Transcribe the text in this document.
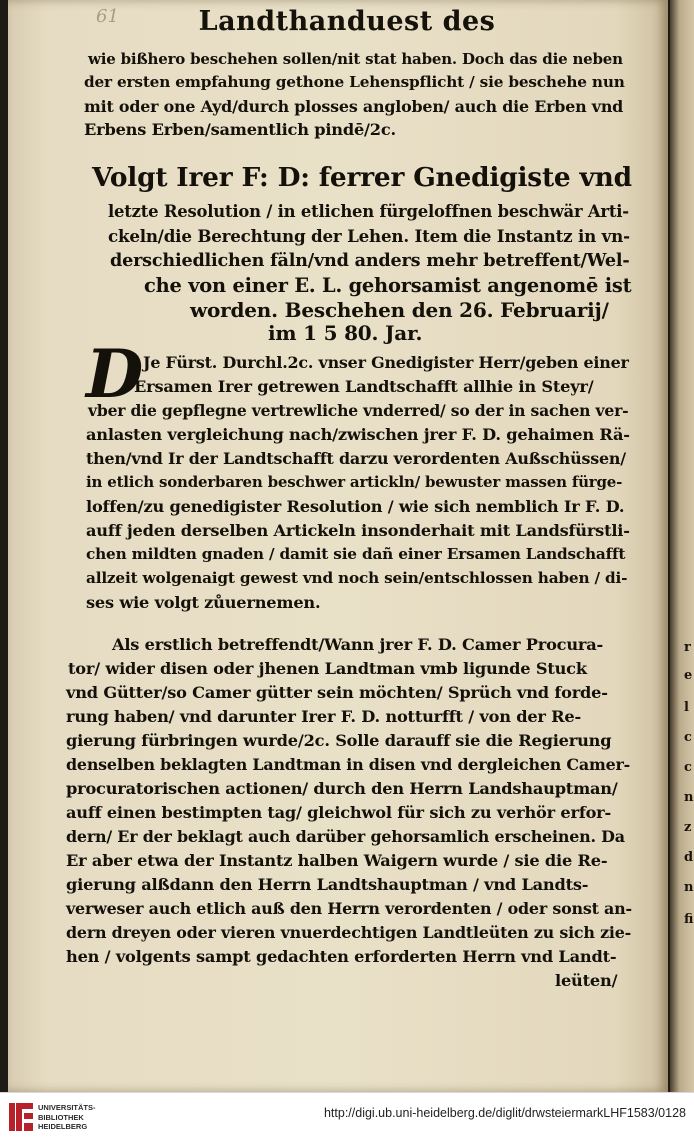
61	Landthanduest des
wie bißhero beschehen sollen/nit stat haben. Doch das die neben
der ersten empfahung gethone Lehenspflicht / sie beschehe nun
mit oder one Ayd/durch plosses angloben/ auch die Erben vnd
Erbens Erben/samentlich pindē/2c.
Volgt Irer F: D: ferrer Gnedigiste vnd
letzte Resolution / in etlichen fürgeloffnen beschwär Arti-
ckeln/die Berechtung der Lehen. Item die Instantz in vn-
derschiedlichen fäln/vnd anders mehr betreffent/Wel-
che von einer E. L. gehorsamist angenomē ist
worden. Beschehen den 26. Februarij/
im 1 5 80. Jar.
D Je Fürst. Durchl.2c. vnser Gnedigister Herr/geben einer
Ersamen Irer getrewen Landtschafft allhie in Steyr/
vber die gepflegne vertrewliche vnderred/ so der in sachen ver-
anlasten vergleichung nach/zwischen jrer F. D. gehaimen Rä-
then/vnd Ir der Landtschafft darzu verordenten Außschüssen/
in etlich sonderbaren beschwer artickln/ bewuster massen fürge-
loffen/zu genedigister Resolution / wie sich nemblich Ir F. D.
auff jeden derselben Artickeln insonderhait mit Landsfürstli-
chen mildten gnaden / damit sie dañ einer Ersamen Landschafft
allzeit wolgenaigt gewest vnd noch sein/entschlossen haben / di-
ses wie volgt zůuernemen.
Als erstlich betreffendt/Wann jrer F. D. Camer Procura-
tor/ wider disen oder jhenen Landtman vmb ligunde Stuck
vnd Gütter/so Camer gütter sein möchten/ Sprüch vnd forde-
rung haben/ vnd darunter Irer F. D. notturfft / von der Re-
gierung fürbringen wurde/2c. Solle darauff sie die Regierung
denselben beklagten Landtman in disen vnd dergleichen Camer-
procuratorischen actionen/ durch den Herrn Landshauptman/
auff einen bestimpten tag/ gleichwol für sich zu verhör erfor-
dern/ Er der beklagt auch darüber gehorsamlich erscheinen. Da
Er aber etwa der Instantz halben Waigern wurde / sie die Re-
gierung alßdann den Herrn Landtshauptman / vnd Landts-
verweser auch etlich auß den Herrn verordenten / oder sonst an-
dern dreyen oder vieren vnuerdechtigen Landtleüten zu sich zie-
hen / volgents sampt gedachten erforderten Herrn vnd Landt-
leüten/
r
e
l
c
c
n
z
d
n
fi
UNIVERSITÄTS-
BIBLIOTHEK
HEIDELBERG
http://digi.ub.uni-heidelberg.de/diglit/drwsteiermarkLHF1583/0128
